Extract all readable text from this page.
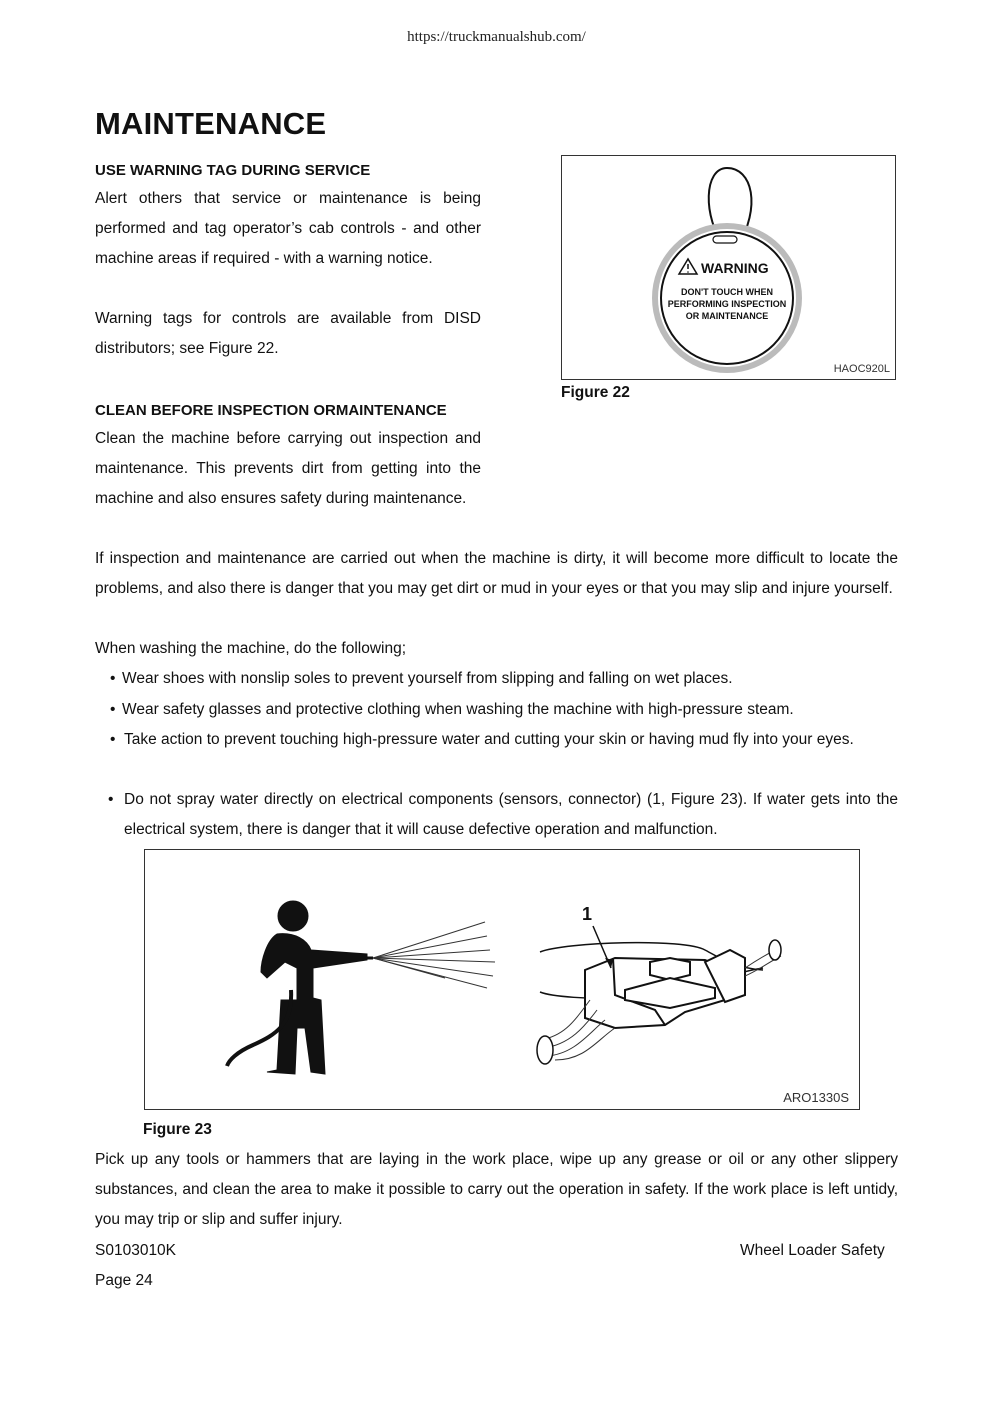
https://truckmanualshub.com/
MAINTENANCE
USE WARNING TAG DURING SERVICE
Alert others that service or maintenance is being performed and tag operator’s cab controls - and other machine areas if required - with a warning notice.
Warning tags for controls are available from DISD distributors; see Figure 22.
WARNING
DON'T TOUCH WHEN
PERFORMING INSPECTION
OR MAINTENANCE
HAOC920L
Figure 22
CLEAN BEFORE INSPECTION ORMAINTENANCE
Clean the machine before carrying out inspection and maintenance. This prevents dirt from getting into the machine and also ensures safety during maintenance.
If inspection and maintenance are carried out when the machine is dirty, it will become more difficult to locate the problems, and also there is danger that you may get dirt or mud in your eyes or that you may slip and injure yourself.
When washing the machine, do the following;
• Wear shoes with nonslip soles to prevent yourself from slipping and falling on wet places.
• Wear safety glasses and protective clothing when washing the machine with high-pressure steam.
• Take action to prevent touching high-pressure water and cutting your skin or having mud fly into your eyes.
• Do not spray water directly on electrical components (sensors, connector) (1, Figure 23). If water gets into the electrical system, there is danger that it will cause defective operation and malfunction.
1
ARO1330S
Figure 23
Pick up any tools or hammers that are laying in the work place, wipe up any grease or oil or any other slippery substances, and clean the area to make it possible to carry out the operation in safety. If the work place is left untidy, you may trip or slip and suffer injury.
S0103010K	Wheel Loader Safety
Page 24
